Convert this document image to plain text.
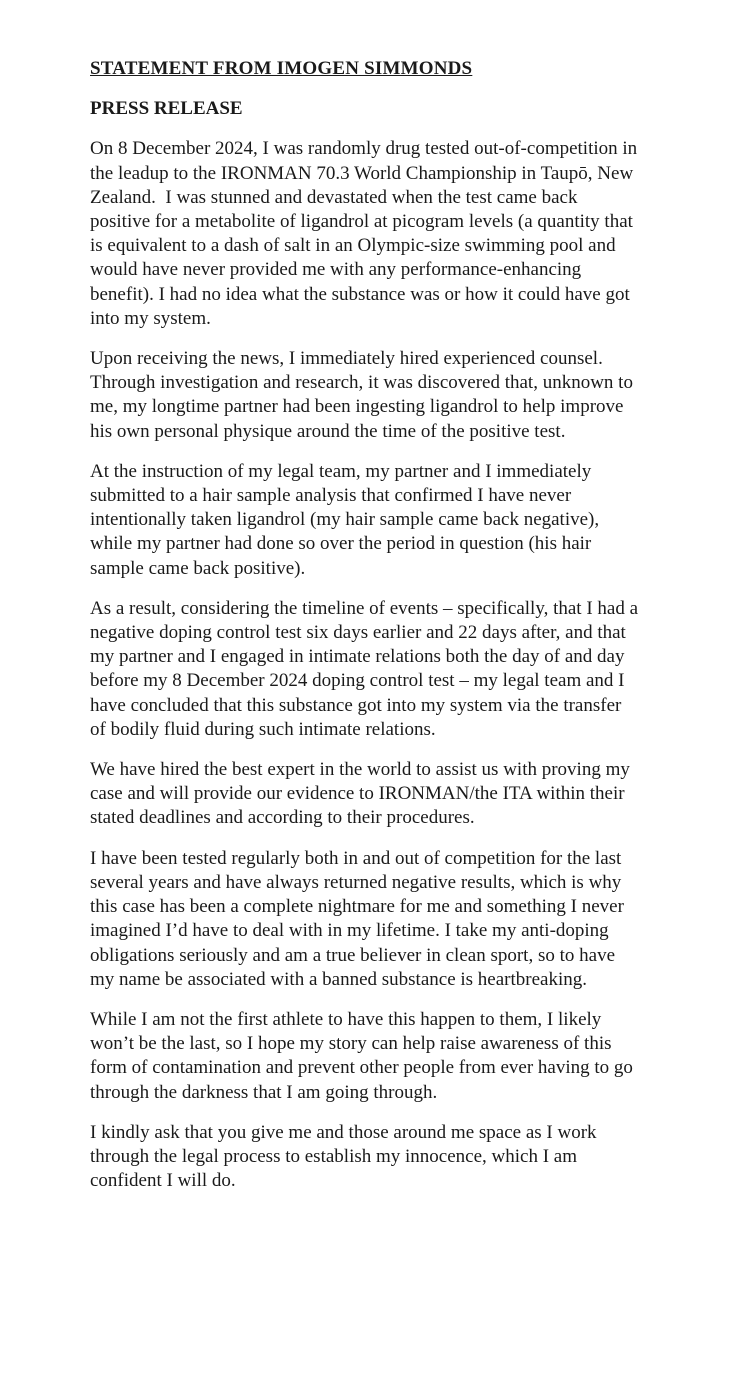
STATEMENT FROM IMOGEN SIMMONDS
PRESS RELEASE

On 8 December 2024, I was randomly drug tested out-of-competition in the leadup to the IRONMAN 70.3 World Championship in Taupō, New Zealand.  I was stunned and devastated when the test came back positive for a metabolite of ligandrol at picogram levels (a quantity that is equivalent to a dash of salt in an Olympic-size swimming pool and would have never provided me with any performance-enhancing benefit). I had no idea what the substance was or how it could have got into my system.

Upon receiving the news, I immediately hired experienced counsel. Through investigation and research, it was discovered that, unknown to me, my longtime partner had been ingesting ligandrol to help improve his own personal physique around the time of the positive test.

At the instruction of my legal team, my partner and I immediately submitted to a hair sample analysis that confirmed I have never intentionally taken ligandrol (my hair sample came back negative), while my partner had done so over the period in question (his hair sample came back positive).

As a result, considering the timeline of events – specifically, that I had a negative doping control test six days earlier and 22 days after, and that my partner and I engaged in intimate relations both the day of and day before my 8 December 2024 doping control test – my legal team and I have concluded that this substance got into my system via the transfer of bodily fluid during such intimate relations.

We have hired the best expert in the world to assist us with proving my case and will provide our evidence to IRONMAN/the ITA within their stated deadlines and according to their procedures.

I have been tested regularly both in and out of competition for the last several years and have always returned negative results, which is why this case has been a complete nightmare for me and something I never imagined I’d have to deal with in my lifetime. I take my anti-doping obligations seriously and am a true believer in clean sport, so to have my name be associated with a banned substance is heartbreaking.

While I am not the first athlete to have this happen to them, I likely won’t be the last, so I hope my story can help raise awareness of this form of contamination and prevent other people from ever having to go through the darkness that I am going through.

I kindly ask that you give me and those around me space as I work through the legal process to establish my innocence, which I am confident I will do.
